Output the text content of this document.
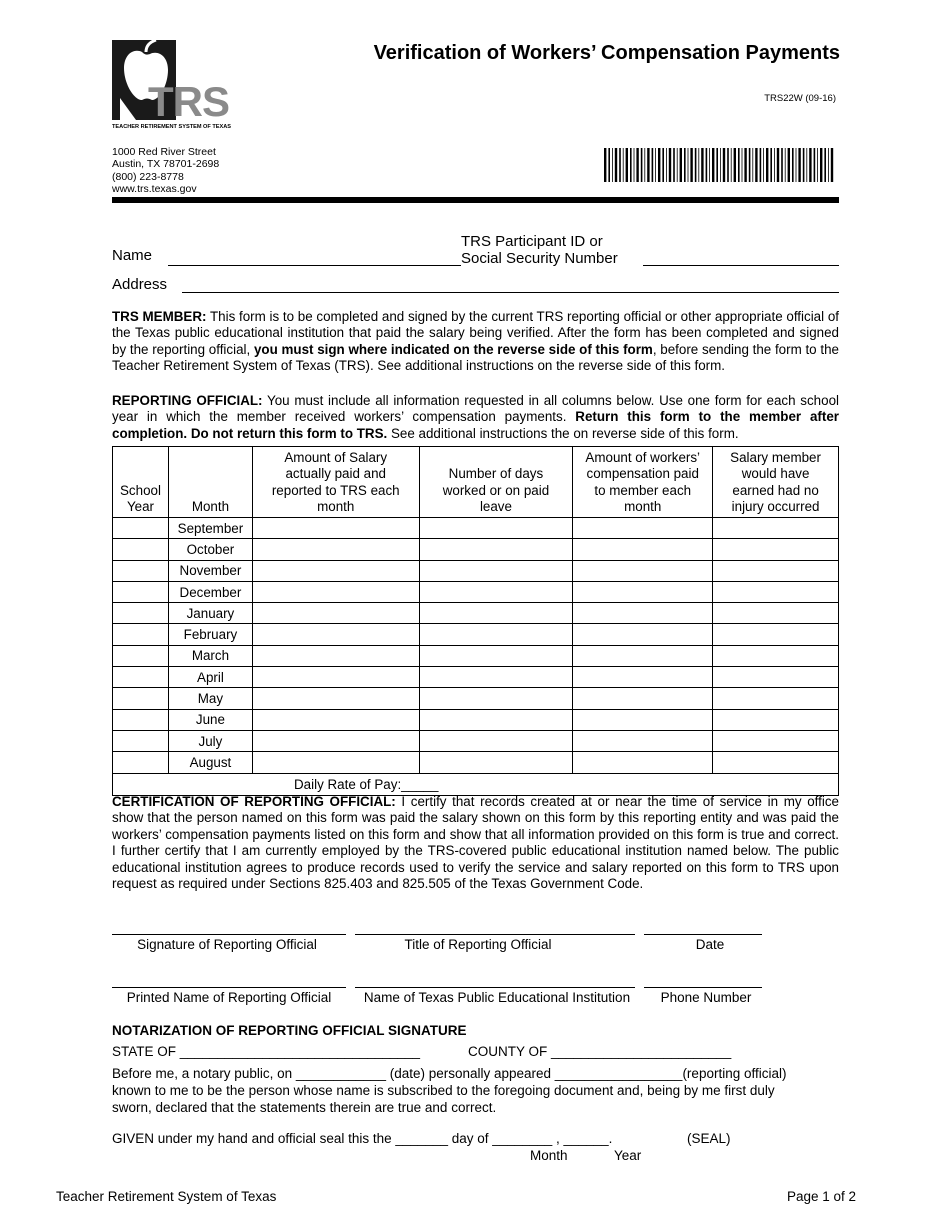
TRS
TEACHER RETIREMENT SYSTEM OF TEXAS
1000 Red River Street
Austin, TX 78701-2698
(800) 223-8778
www.trs.texas.gov
Verification of Workers’ Compensation Payments
TRS22W (09-16)
Name
TRS Participant ID or
Social Security Number
Address
TRS MEMBER: This form is to be completed and signed by the current TRS reporting official or other appropriate official of the Texas public educational institution that paid the salary being verified. After the form has been completed and signed by the reporting official, you must sign where indicated on the reverse side of this form, before sending the form to the Teacher Retirement System of Texas (TRS). See additional instructions on the reverse side of this form.
REPORTING OFFICIAL: You must include all information requested in all columns below. Use one form for each school year in which the member received workers’ compensation payments. Return this form to the member after completion. Do not return this form to TRS. See additional instructions the on reverse side of this form.
School Year	Month	Amount of Salary actually paid and reported to TRS each month	Number of days worked or on paid leave	Amount of workers’ compensation paid to member each month	Salary member would have earned had no injury occurred
	September				
	October				
	November				
	December				
	January				
	February				
	March				
	April				
	May				
	June				
	July				
	August				
Daily Rate of Pay:_____					
CERTIFICATION OF REPORTING OFFICIAL: I certify that records created at or near the time of service in my office show that the person named on this form was paid the salary shown on this form by this reporting entity and was paid the workers’ compensation payments listed on this form and show that all information provided on this form is true and correct. I further certify that I am currently employed by the TRS-covered public educational institution named below. The public educational institution agrees to produce records used to verify the service and salary reported on this form to TRS upon request as required under Sections 825.403 and 825.505 of the Texas Government Code.
Signature of Reporting Official	Title of Reporting Official	Date
Printed Name of Reporting Official	Name of Texas Public Educational Institution	Phone Number
NOTARIZATION OF REPORTING OFFICIAL SIGNATURE
STATE OF ________________________________	COUNTY OF ________________________
Before me, a notary public, on ____________ (date) personally appeared _________________(reporting official)
known to me to be the person whose name is subscribed to the foregoing document and, being by me first duly
sworn, declared that the statements therein are true and correct.
GIVEN under my hand and official seal this the _______ day of ________ , ______.	(SEAL)
Month	Year
Teacher Retirement System of Texas	Page 1 of 2
